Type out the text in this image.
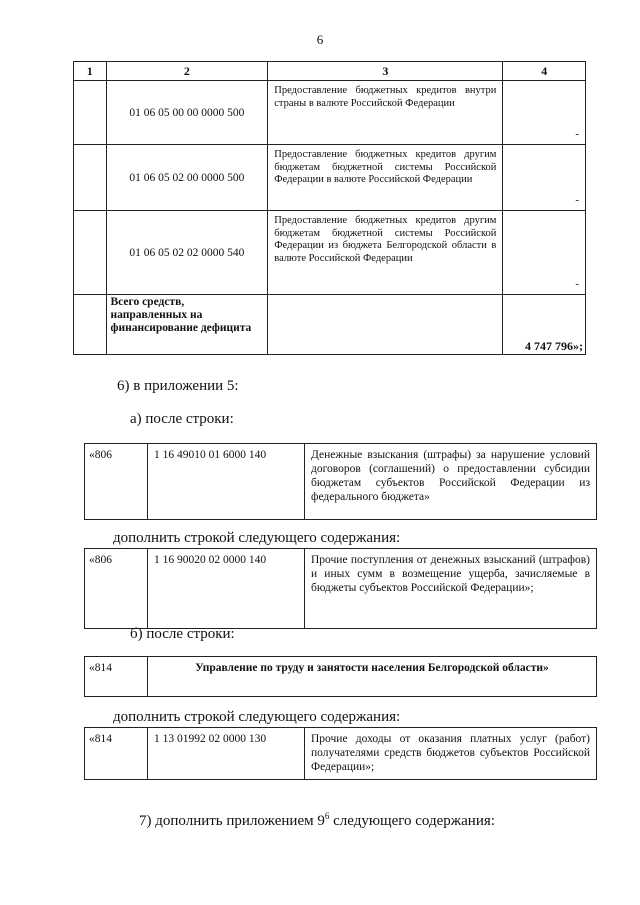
6
1	2	3	4
	01 06 05 00 00 0000 500	Предоставление бюджетных кредитов внутри страны в валюте Российской Федерации	-
	01 06 05 02 00 0000 500	Предоставление бюджетных кредитов другим бюджетам бюджетной системы Российской Федерации в валюте Российской Федерации	-
	01 06 05 02 02 0000 540	Предоставление бюджетных кредитов другим бюджетам бюджетной системы Российской Федерации из бюджета Белгородской области в валюте Российской Федерации	-
	Всего средств, направленных на финансирование дефицита		4 747 796»;
6) в приложении 5:
а) после строки:
«806	1 16 49010 01 6000 140	Денежные взыскания (штрафы) за нарушение условий договоров (соглашений) о предоставлении субсидии бюджетам субъектов Российской Федерации из федерального бюджета»
дополнить строкой следующего содержания:
«806	1 16 90020 02 0000 140	Прочие поступления от денежных взысканий (штрафов) и иных сумм в возмещение ущерба, зачисляемые в бюджеты субъектов Российской Федерации»;
б) после строки:
«814	Управление по труду и занятости населения Белгородской области»
дополнить строкой следующего содержания:
«814	1 13 01992 02 0000 130	Прочие доходы от оказания платных услуг (работ) получателями средств бюджетов субъектов Российской Федерации»;
7) дополнить приложением $9^6$ следующего содержания:
